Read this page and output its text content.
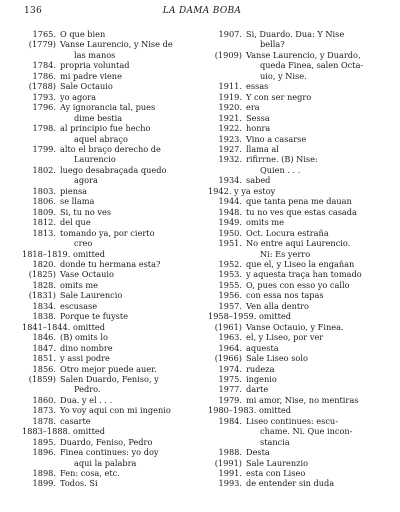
136	LA DAMA BOBA
1765. O que bien
(1779) Vanse Laurencio, y Nise de
las manos
1784. propria voluntad
1786. mi padre viene
(1788) Sale Octauio
1793. yo agora
1796. Ay ignorancia tal, pues
dime bestia
1798. al principio fue hecho
aquel abraço
1799. alto el braço derecho de
Laurencio
1802. luego desabraçada quedo
agora
1803. piensa
1806. se llama
1809. Si, tu no ves
1812. del que
1813. tomando ya, por cierto
creo
1818–1819. omitted
1820. donde tu hermana esta?
(1825) Vase Octauio
1828. omits me
(1831) Sale Laurencio
1834. escusase
1838. Porque te fuyste
1841–1844. omitted
1846. (B) omits lo
1847. dino nombre
1851. y assi podre
1856. Otro mejor puede auer.
(1859) Salen Duardo, Feniso, y
Pedro.
1860. Dua. y el . . .
1873. Yo voy aqui con mi ingenio
1878. casarte
1883–1888. omitted
1895. Duardo, Feniso, Pedro
1896. Finea continues: yo doy
aqui la palabra
1898. Fen: cosa, etc.
1899. Todos. Si
1907. Si, Duardo. Dua: Y Nise
bella?
(1909) Vanse Laurencio, y Duardo,
queda Finea, salen Octa-
uio, y Nise.
1911. essas
1919. Y con ser negro
1920. era
1921. Sessa
1922. honra
1923. Vino a casarse
1927. llama al
1932. rifirrne. (B) Nise:
Quien . . .
1934. sabed
1942. y ya estoy
1944. que tanta pena me dauan
1948. tu no ves que estas casada
1949. omits me
1950. Oct. Locura estraña
1951. No entre aqui Laurencio.
Ni: Es yerro
1952. que el, y Liseo la engañan
1953. y aquesta traça han tomado
1955. O, pues con esso yo callo
1956. con essa nos tapas
1957. Ven alla dentro
1958–1959. omitted
(1961) Vanse Octauio, y Finea.
1963. el, y Liseo, por ver
1964. aquesta
(1966) Sale Liseo solo
1974. rudeza
1975. ingenio
1977. darte
1979. mi amor, Nise, no mentiras
1980–1983. omitted
1984. Liseo continues: escu-
chame. Ni. Que incon-
stancia
1988. Desta
(1991) Sale Laurenzio
1991. esta con Liseo
1993. de entender sin duda
